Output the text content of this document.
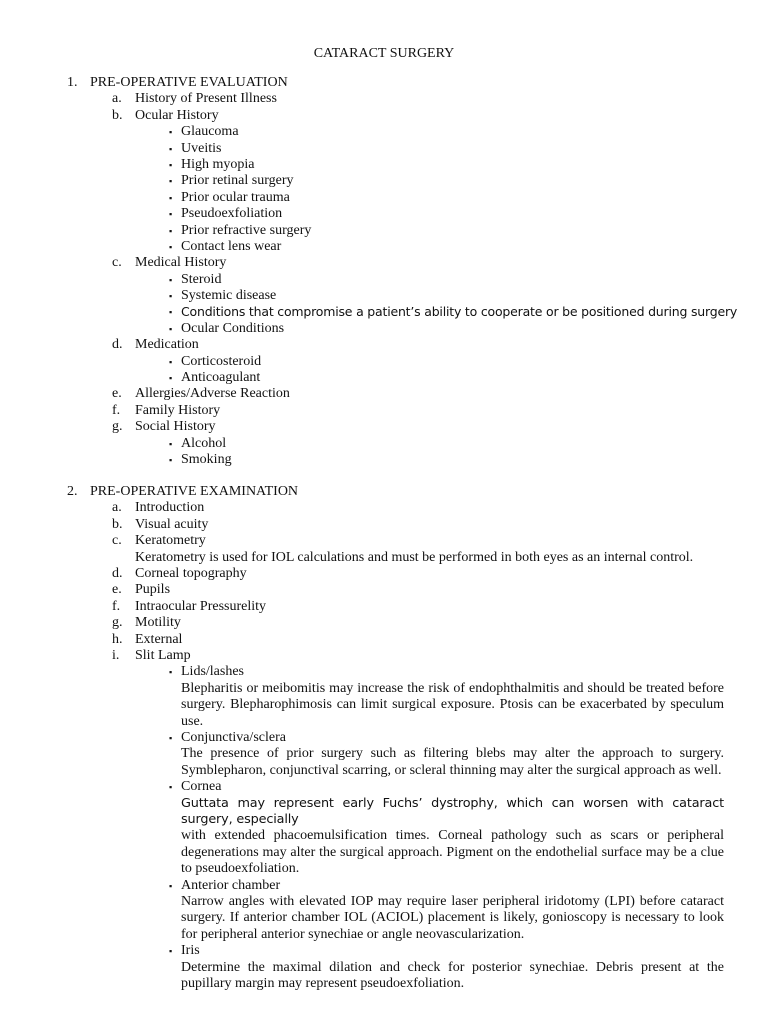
CATARACT SURGERY
1. PRE-OPERATIVE EVALUATION
a. History of Present Illness
b. Ocular History
▪ Glaucoma
▪ Uveitis
▪ High myopia
▪ Prior retinal surgery
▪ Prior ocular trauma
▪ Pseudoexfoliation
▪ Prior refractive surgery
▪ Contact lens wear
c. Medical History
▪ Steroid
▪ Systemic disease
▪ Conditions that compromise a patient’s ability to cooperate or be positioned during surgery
▪ Ocular Conditions
d. Medication
▪ Corticosteroid
▪ Anticoagulant
e. Allergies/Adverse Reaction
f. Family History
g. Social History
▪ Alcohol
▪ Smoking
2. PRE-OPERATIVE EXAMINATION
a. Introduction
b. Visual acuity
c. Keratometry
Keratometry is used for IOL calculations and must be performed in both eyes as an internal control.
d. Corneal topography
e. Pupils
f. Intraocular Pressurelity
g. Motility
h. External
i. Slit Lamp
▪ Lids/lashes
Blepharitis or meibomitis may increase the risk of endophthalmitis and should be treated before surgery. Blepharophimosis can limit surgical exposure. Ptosis can be exacerbated by speculum use.
▪ Conjunctiva/sclera
The presence of prior surgery such as filtering blebs may alter the approach to surgery. Symblepharon, conjunctival scarring, or scleral thinning may alter the surgical approach as well.
▪ Cornea
Guttata may represent early Fuchs’ dystrophy, which can worsen with cataract surgery, especially
with extended phacoemulsification times. Corneal pathology such as scars or peripheral degenerations may alter the surgical approach. Pigment on the endothelial surface may be a clue to pseudoexfoliation.
▪ Anterior chamber
Narrow angles with elevated IOP may require laser peripheral iridotomy (LPI) before cataract surgery. If anterior chamber IOL (ACIOL) placement is likely, gonioscopy is necessary to look for peripheral anterior synechiae or angle neovascularization.
▪ Iris
Determine the maximal dilation and check for posterior synechiae. Debris present at the pupillary margin may represent pseudoexfoliation.
